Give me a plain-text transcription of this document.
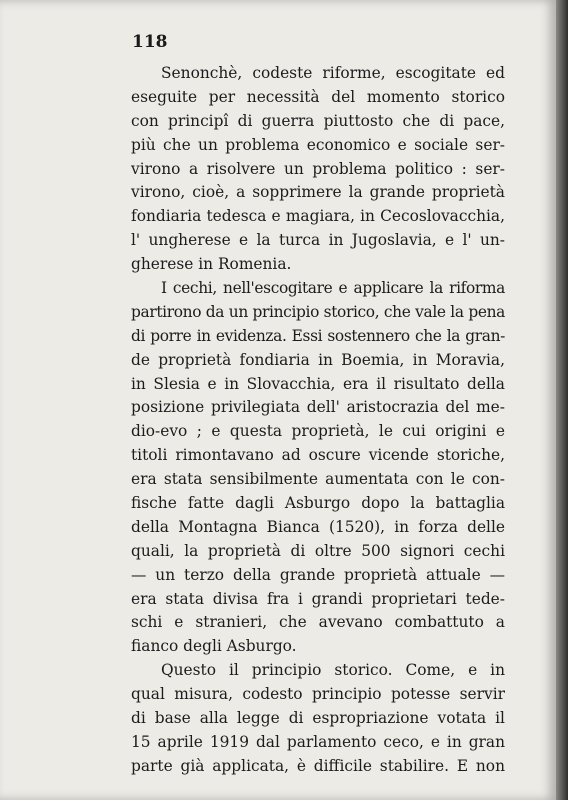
118
Senonchè, codeste riforme, escogitate ed
eseguite per necessità del momento storico
con principî di guerra piuttosto che di pace,
più che un problema economico e sociale ser-
virono a risolvere un problema politico : ser-
virono, cioè, a sopprimere la grande proprietà
fondiaria tedesca e magiara, in Cecoslovacchia,
l' ungherese e la turca in Jugoslavia, e l' un-
gherese in Romenia.
I cechi, nell'escogitare e applicare la riforma
partirono da un principio storico, che vale la pena
di porre in evidenza. Essi sostennero che la gran-
de proprietà fondiaria in Boemia, in Moravia,
in Slesia e in Slovacchia, era il risultato della
posizione privilegiata dell' aristocrazia del me-
dio-evo ; e questa proprietà, le cui origini e
titoli rimontavano ad oscure vicende storiche,
era stata sensibilmente aumentata con le con-
fische fatte dagli Asburgo dopo la battaglia
della Montagna Bianca (1520), in forza delle
quali, la proprietà di oltre 500 signori cechi
— un terzo della grande proprietà attuale —
era stata divisa fra i grandi proprietari tede-
schi e stranieri, che avevano combattuto a
fianco degli Asburgo.
Questo il principio storico. Come, e in
qual misura, codesto principio potesse servir
di base alla legge di espropriazione votata il
15 aprile 1919 dal parlamento ceco, e in gran
parte già applicata, è difficile stabilire. E non
